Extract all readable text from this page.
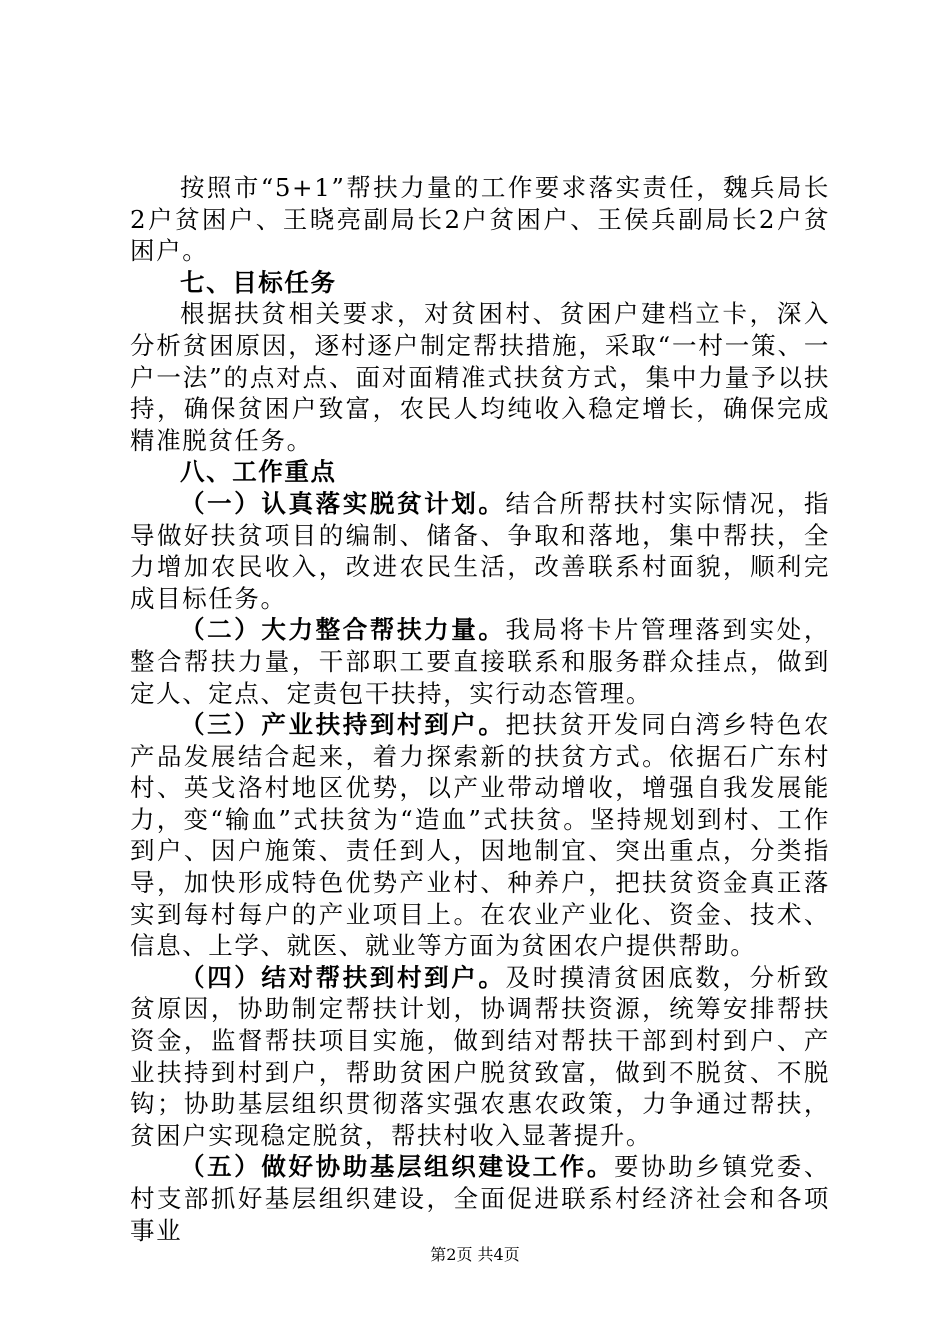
按照市“5+1”帮扶力量的工作要求落实责任，魏兵局长2户贫困户、王晓亮副局长2户贫困户、王侯兵副局长2户贫困户。

七、目标任务

根据扶贫相关要求，对贫困村、贫困户建档立卡，深入分析贫困原因，逐村逐户制定帮扶措施，采取“一村一策、一户一法”的点对点、面对面精准式扶贫方式，集中力量予以扶持，确保贫困户致富，农民人均纯收入稳定增长，确保完成精准脱贫任务。

八、工作重点

（一）认真落实脱贫计划。结合所帮扶村实际情况，指导做好扶贫项目的编制、储备、争取和落地，集中帮扶，全力增加农民收入，改进农民生活，改善联系村面貌，顺利完成目标任务。

（二）大力整合帮扶力量。我局将卡片管理落到实处，整合帮扶力量，干部职工要直接联系和服务群众挂点，做到定人、定点、定责包干扶持，实行动态管理。

（三）产业扶持到村到户。把扶贫开发同白湾乡特色农产品发展结合起来，着力探索新的扶贫方式。依据石广东村村、英戈洛村地区优势，以产业带动增收，增强自我发展能力，变“输血”式扶贫为“造血”式扶贫。坚持规划到村、工作到户、因户施策、责任到人，因地制宜、突出重点，分类指导，加快形成特色优势产业村、种养户，把扶贫资金真正落实到每村每户的产业项目上。在农业产业化、资金、技术、信息、上学、就医、就业等方面为贫困农户提供帮助。

（四）结对帮扶到村到户。及时摸清贫困底数，分析致贫原因，协助制定帮扶计划，协调帮扶资源，统筹安排帮扶资金，监督帮扶项目实施，做到结对帮扶干部到村到户、产业扶持到村到户，帮助贫困户脱贫致富，做到不脱贫、不脱钩；协助基层组织贯彻落实强农惠农政策，力争通过帮扶，贫困户实现稳定脱贫，帮扶村收入显著提升。

（五）做好协助基层组织建设工作。要协助乡镇党委、村支部抓好基层组织建设，全面促进联系村经济社会和各项事业

第2页 共4页
